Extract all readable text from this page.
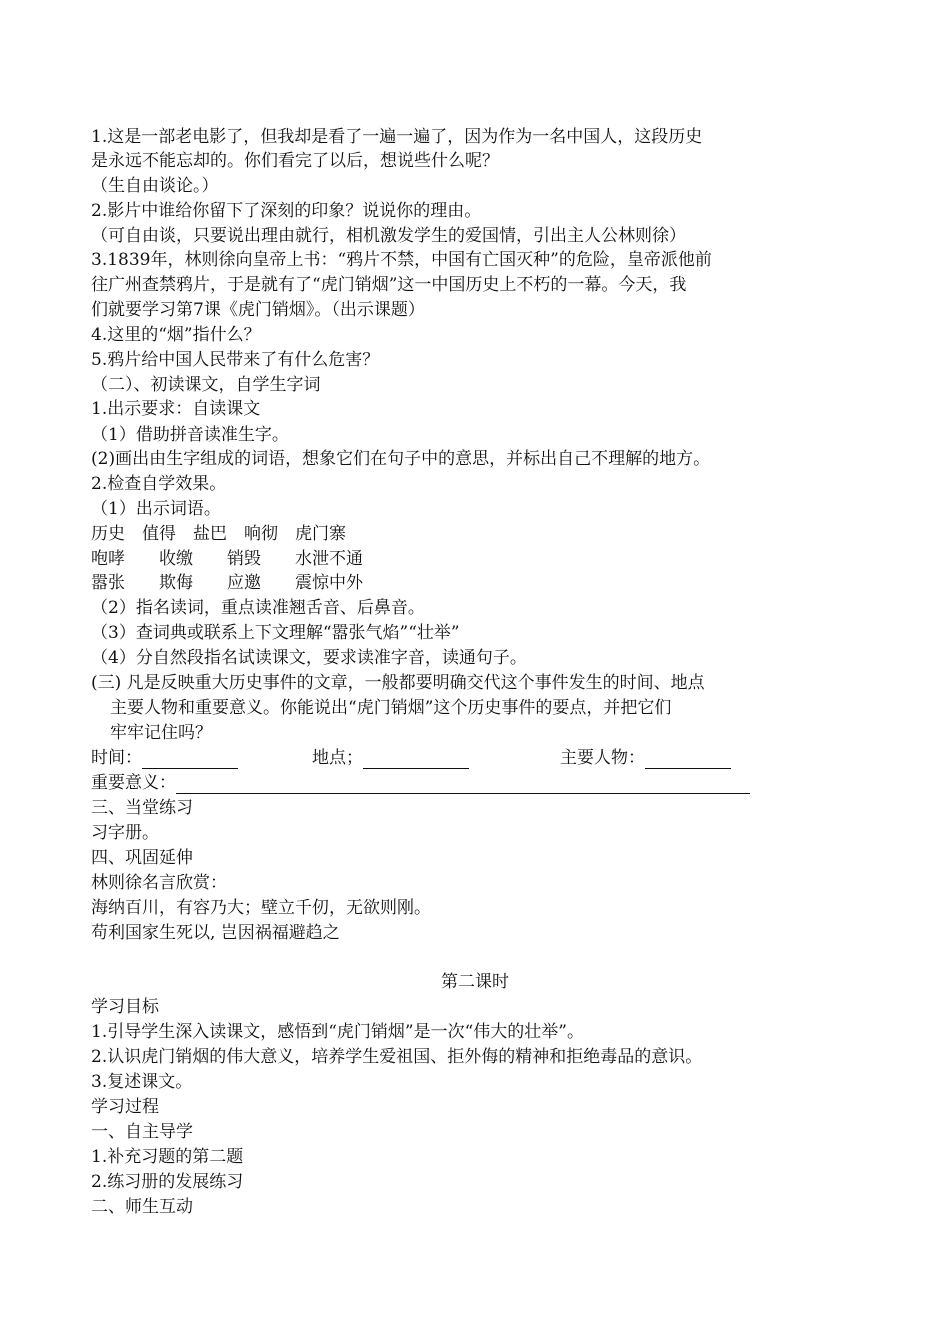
1.这是一部老电影了，但我却是看了一遍一遍了，因为作为一名中国人，这段历史
是永远不能忘却的。你们看完了以后，想说些什么呢？
（生自由谈论。）
2.影片中谁给你留下了深刻的印象？说说你的理由。
（可自由谈，只要说出理由就行，相机激发学生的爱国情，引出主人公林则徐）
3.1839年，林则徐向皇帝上书：“鸦片不禁，中国有亡国灭种”的危险，皇帝派他前
往广州查禁鸦片，于是就有了“虎门销烟”这一中国历史上不朽的一幕。今天，我
们就要学习第7课《虎门销烟》。（出示课题）
4.这里的“烟”指什么？
5.鸦片给中国人民带来了有什么危害？
（二）、初读课文，自学生字词
1.出示要求：自读课文
（1）借助拼音读准生字。
(2)画出由生字组成的词语，想象它们在句子中的意思，并标出自己不理解的地方。
2.检查自学效果。
（1）出示词语。
历史　值得　盐巴　响彻　虎门寨
咆哮　　收缴　　销毁　　水泄不通
嚣张　　欺侮　　应邀　　震惊中外
（2）指名读词，重点读准翘舌音、后鼻音。
（3）查词典或联系上下文理解“嚣张气焰”“壮举”
（4）分自然段指名试读课文，要求读准字音，读通句子。
(三) 凡是反映重大历史事件的文章，一般都要明确交代这个事件发生的时间、地点
主要人物和重要意义。你能说出“虎门销烟”这个历史事件的要点，并把它们
牢牢记住吗？
时间：	地点；	主要人物：
重要意义：
三、当堂练习
习字册。
四、巩固延伸
林则徐名言欣赏：
海纳百川，有容乃大；壁立千仞，无欲则刚。
苟利国家生死以, 岂因祸福避趋之
第二课时
学习目标
1.引导学生深入读课文，感悟到“虎门销烟”是一次“伟大的壮举”。
2.认识虎门销烟的伟大意义，培养学生爱祖国、拒外侮的精神和拒绝毒品的意识。
3.复述课文。
学习过程
一、自主导学
1.补充习题的第二题
2.练习册的发展练习
二、师生互动
